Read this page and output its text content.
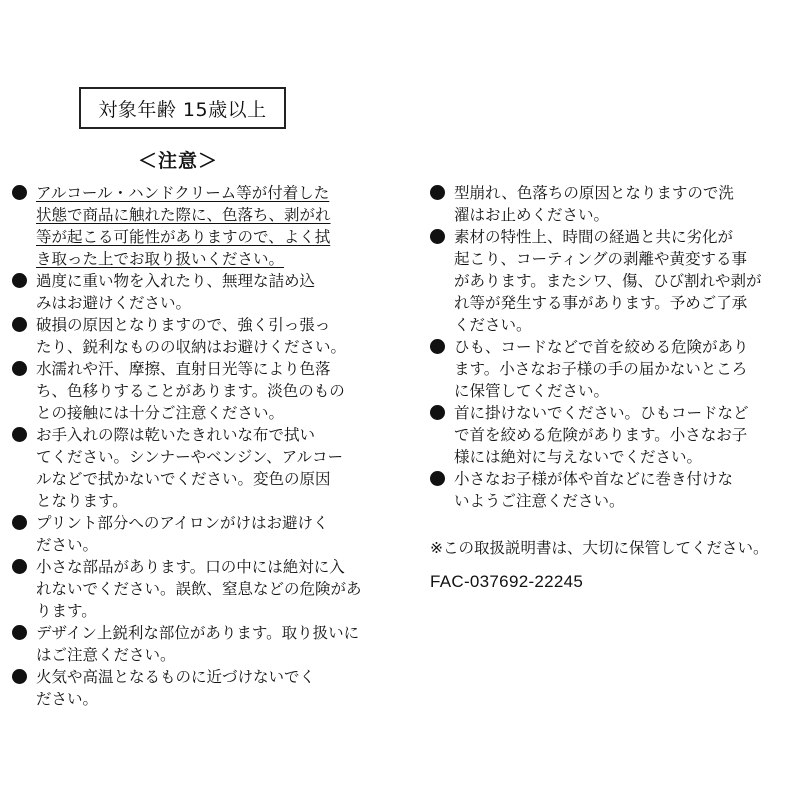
対象年齢 15歳以上
＜注意＞
アルコール・ハンドクリーム等が付着した
状態で商品に触れた際に、色落ち、剥がれ
等が起こる可能性がありますので、よく拭
き取った上でお取り扱いください。
過度に重い物を入れたり、無理な詰め込
みはお避けください。
破損の原因となりますので、強く引っ張っ
たり、鋭利なものの収納はお避けください。
水濡れや汗、摩擦、直射日光等により色落
ち、色移りすることがあります。淡色のもの
との接触には十分ご注意ください。
お手入れの際は乾いたきれいな布で拭い
てください。シンナーやベンジン、アルコー
ルなどで拭かないでください。変色の原因
となります。
プリント部分へのアイロンがけはお避けく
ださい。
小さな部品があります。口の中には絶対に入
れないでください。誤飲、窒息などの危険があ
ります。
デザイン上鋭利な部位があります。取り扱いに
はご注意ください。
火気や高温となるものに近づけないでく
ださい。
型崩れ、色落ちの原因となりますので洗
濯はお止めください。
素材の特性上、時間の経過と共に劣化が
起こり、コーティングの剥離や黄変する事
があります。またシワ、傷、ひび割れや剥が
れ等が発生する事があります。予めご了承
ください。
ひも、コードなどで首を絞める危険があり
ます。小さなお子様の手の届かないところ
に保管してください。
首に掛けないでください。ひもコードなど
で首を絞める危険があります。小さなお子
様には絶対に与えないでください。
小さなお子様が体や首などに巻き付けな
いようご注意ください。
※この取扱説明書は、大切に保管してください。
FAC-037692-22245
